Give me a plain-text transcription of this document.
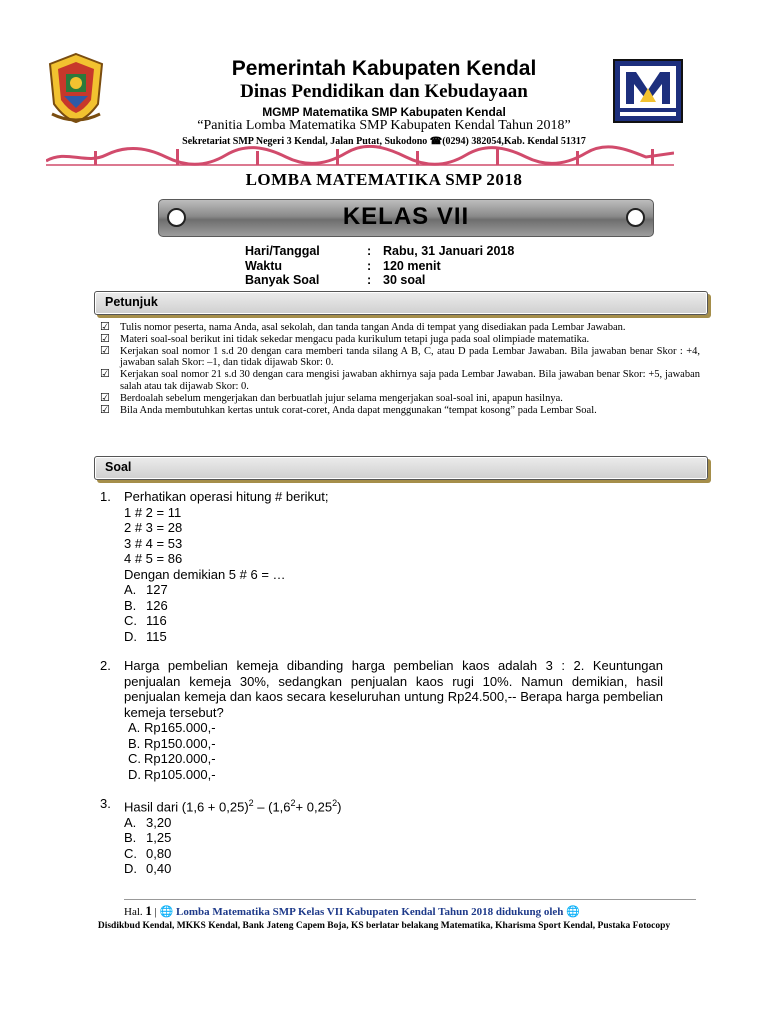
Pemerintah Kabupaten Kendal
Dinas Pendidikan dan Kebudayaan
MGMP Matematika SMP Kabupaten Kendal
“Panitia Lomba Matematika SMP Kabupaten Kendal Tahun 2018”
Sekretariat SMP Negeri 3 Kendal, Jalan Putat, Sukodono ☎(0294) 382054,Kab. Kendal 51317
LOMBA MATEMATIKA SMP 2018
KELAS VII
Hari/Tanggal	: Rabu, 31 Januari 2018
Waktu	: 120 menit
Banyak Soal	: 30 soal
Petunjuk
☑ Tulis nomor peserta, nama Anda, asal sekolah, dan tanda tangan Anda di tempat yang disediakan pada Lembar Jawaban.

☑ Materi soal-soal berikut ini tidak sekedar mengacu pada kurikulum tetapi juga pada soal olimpiade matematika.

☑ Kerjakan soal nomor 1 s.d 20 dengan cara memberi tanda silang A B, C, atau D pada Lembar Jawaban. Bila jawaban benar Skor : +4, jawaban salah Skor: –1, dan tidak dijawab Skor: 0.

☑ Kerjakan soal nomor 21 s.d 30 dengan cara mengisi jawaban akhirnya saja pada Lembar Jawaban. Bila jawaban benar Skor: +5, jawaban salah atau tak dijawab Skor: 0.

☑ Berdoalah sebelum mengerjakan dan berbuatlah jujur selama mengerjakan soal-soal ini, apapun hasilnya.

☑ Bila Anda membutuhkan kertas untuk corat-coret, Anda dapat menggunakan “tempat kosong” pada Lembar Soal.

Soal
1.	Perhatikan operasi hitung # berikut;
1 # 2 = 11
2 # 3 = 28
3 # 4 = 53
4 # 5 = 86
Dengan demikian 5 # 6 = …
A. 127
B. 126
C. 116
D. 115
2.	Harga pembelian kemeja dibanding harga pembelian kaos adalah 3 : 2. Keuntungan penjualan kemeja 30%, sedangkan penjualan kaos rugi 10%. Namun demikian, hasil penjualan kemeja dan kaos secara keseluruhan untung Rp24.500,-- Berapa harga pembelian kemeja tersebut?
A. Rp165.000,-
B. Rp150.000,-
C. Rp120.000,-
D. Rp105.000,-
3.	Hasil dari $(1,6 + 0,25)^2 - (1,6^2+ 0,25^2)$
A. 3,20
B. 1,25
C. 0,80
D. 0,40
Hal. 1 | 🌐 Lomba Matematika SMP Kelas VII Kabupaten Kendal Tahun 2018 didukung oleh 🌐
Disdikbud Kendal, MKKS Kendal, Bank Jateng Capem Boja, KS berlatar belakang Matematika, Kharisma Sport Kendal, Pustaka Fotocopy
